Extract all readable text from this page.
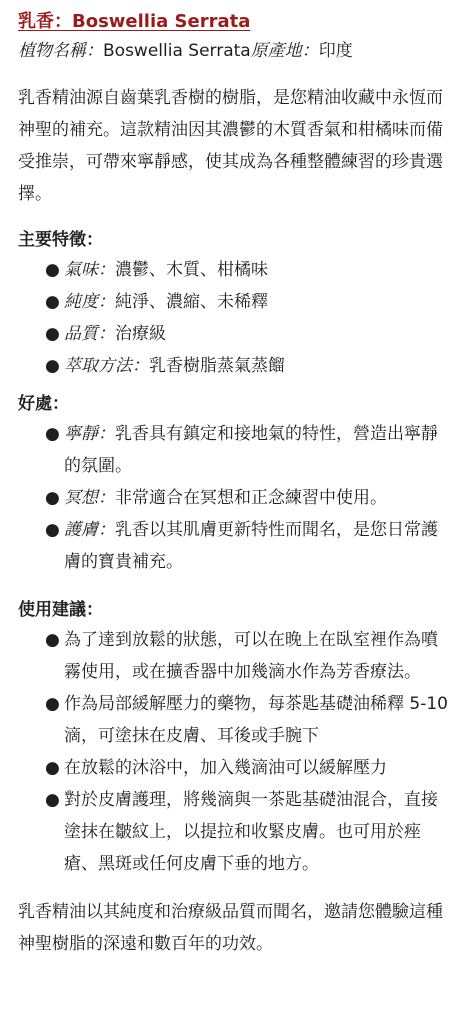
乳香：Boswellia Serrata

植物名稱：Boswellia Serrata原產地：印度

乳香精油源自齒葉乳香樹的樹脂，是您精油收藏中永恆而神聖的補充。這款精油因其濃鬱的木質香氣和柑橘味而備受推崇，可帶來寧靜感，使其成為各種整體練習的珍貴選擇。

主要特徵：
● 氣味：濃鬱、木質、柑橘味
● 純度：純淨、濃縮、未稀釋
● 品質：治療級
● 萃取方法：乳香樹脂蒸氣蒸餾
好處：
● 寧靜：乳香具有鎮定和接地氣的特性，營造出寧靜的氛圍。
● 冥想：非常適合在冥想和正念練習中使用。
● 護膚：乳香以其肌膚更新特性而聞名，是您日常護膚的寶貴補充。
使用建議：
● 為了達到放鬆的狀態，可以在晚上在臥室裡作為噴霧使用，或在擴香器中加幾滴水作為芳香療法。
● 作為局部緩解壓力的藥物，每茶匙基礎油稀釋 5-10 滴，可塗抹在皮膚、耳後或手腕下
● 在放鬆的沐浴中，加入幾滴油可以緩解壓力
● 對於皮膚護理，將幾滴與一茶匙基礎油混合，直接塗抹在皺紋上，以提拉和收緊皮膚。也可用於痤瘡、黑斑或任何皮膚下垂的地方。

乳香精油以其純度和治療級品質而聞名，邀請您體驗這種神聖樹脂的深遠和數百年的功效。
